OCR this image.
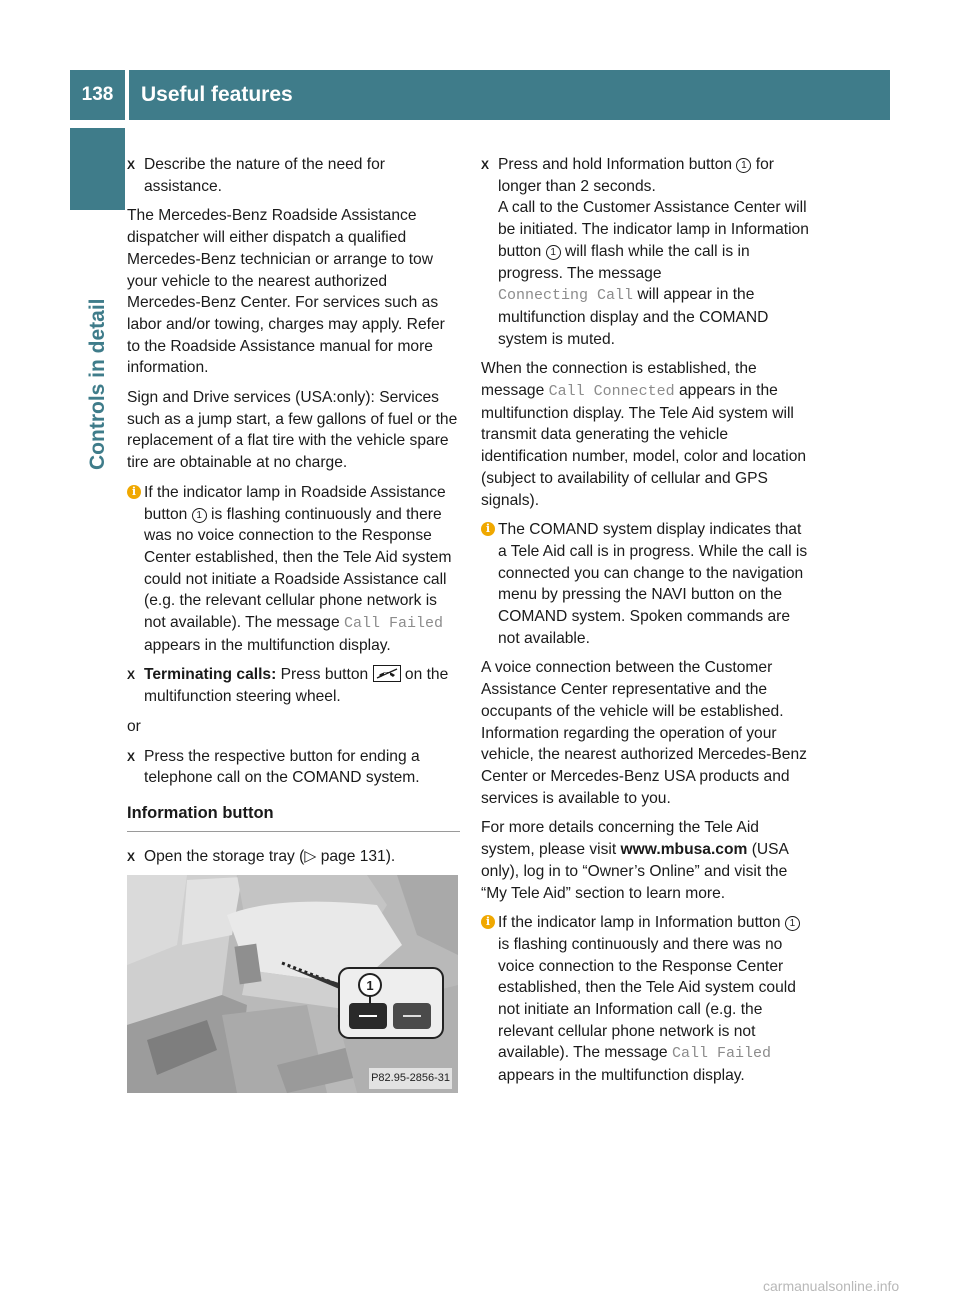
138	Useful features
Controls in detail
X Describe the nature of the need for assistance.

The Mercedes-Benz Roadside Assistance dispatcher will either dispatch a qualified Mercedes-Benz technician or arrange to tow your vehicle to the nearest authorized Mercedes-Benz Center. For services such as labor and/or towing, charges may apply. Refer to the Roadside Assistance manual for more information.

Sign and Drive services (USA:only): Services such as a jump start, a few gallons of fuel or the replacement of a flat tire with the vehicle spare tire are obtainable at no charge.

i If the indicator lamp in Roadside Assistance button 1 is flashing continuously and there was no voice connection to the Response Center established, then the Tele Aid system could not initiate a Roadside Assistance call (e.g. the relevant cellular phone network is not available). The message Call Failed appears in the multifunction display.
X Terminating calls: Press button on the multifunction steering wheel.

or

X Press the respective button for ending a telephone call on the COMAND system.
Information button
X Open the storage tray (▷ page 131).
1
P82.95-2856-31
X Press and hold Information button 1 for longer than 2 seconds.
A call to the Customer Assistance Center will be initiated. The indicator lamp in Information button 1 will flash while the call is in progress. The message
Connecting Call will appear in the multifunction display and the COMAND system is muted.

When the connection is established, the message Call Connected appears in the multifunction display. The Tele Aid system will transmit data generating the vehicle identification number, model, color and location (subject to availability of cellular and GPS signals).

i The COMAND system display indicates that a Tele Aid call is in progress. While the call is connected you can change to the navigation menu by pressing the NAVI button on the COMAND system. Spoken commands are not available.

A voice connection between the Customer Assistance Center representative and the occupants of the vehicle will be established. Information regarding the operation of your vehicle, the nearest authorized Mercedes-Benz Center or Mercedes-Benz USA products and services is available to you.

For more details concerning the Tele Aid system, please visit www.mbusa.com (USA only), log in to “Owner’s Online” and visit the “My Tele Aid” section to learn more.

i If the indicator lamp in Information button 1 is flashing continuously and there was no voice connection to the Response Center established, then the Tele Aid system could not initiate an Information call (e.g. the relevant cellular phone network is not available). The message Call Failed appears in the multifunction display.
carmanualsonline.info
